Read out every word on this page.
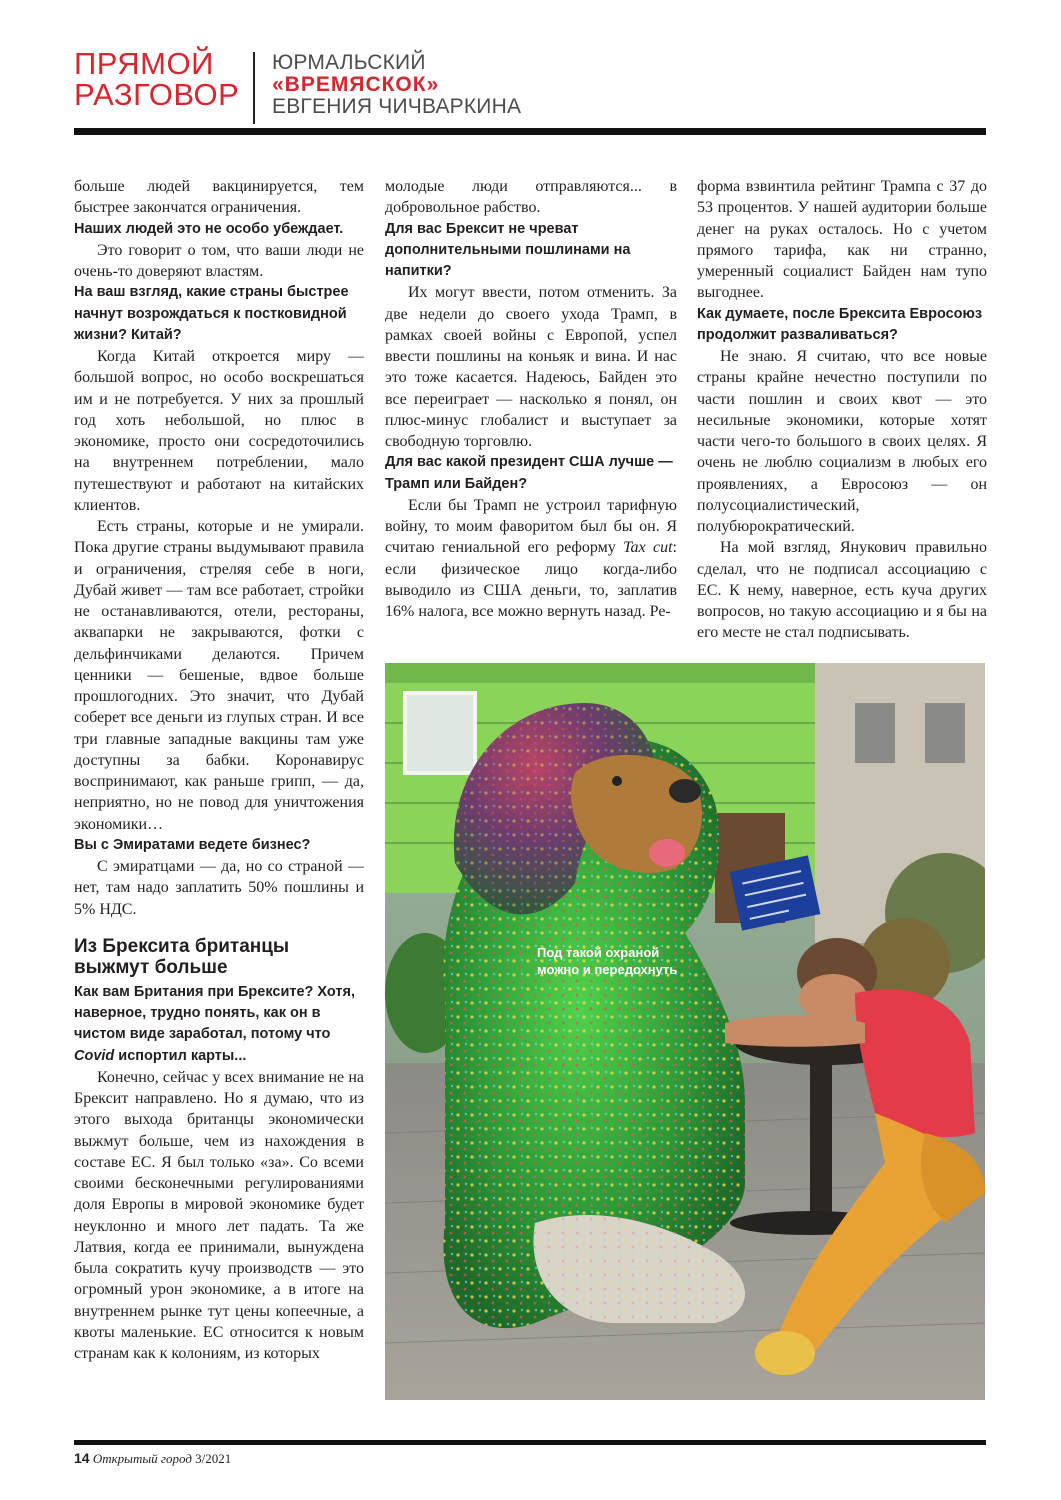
ПРЯМОЙ
РАЗГОВОР
ЮРМАЛЬСКИЙ
«ВРЕМЯСКОК»
ЕВГЕНИЯ ЧИЧВАРКИНА

больше людей вакцинируется, тем быстрее закончатся ограничения.

Наших людей это не особо убеждает.

Это говорит о том, что ваши люди не очень-то доверяют властям.

На ваш взгляд, какие страны быстрее начнут возрождаться к постковидной жизни? Китай?

Когда Китай откроется миру — большой вопрос, но особо воскрешаться им и не потребуется. У них за прошлый год хоть небольшой, но плюс в экономике, просто они сосредоточились на внутреннем потреблении, мало путешествуют и работают на китайских клиентов.

Есть страны, которые и не умирали. Пока другие страны выдумывают правила и ограничения, стреляя себе в ноги, Дубай живет — там все работает, стройки не останавливаются, отели, рестораны, аквапарки не закрываются, фотки с дельфинчиками делаются. Причем ценники — бешеные, вдвое больше прошлогодних. Это значит, что Дубай соберет все деньги из глупых стран. И все три главные западные вакцины там уже доступны за бабки. Коронавирус воспринимают, как раньше грипп, — да, неприятно, но не повод для уничтожения экономики…

Вы с Эмиратами ведете бизнес?

С эмиратцами — да, но со страной — нет, там надо заплатить 50% пошлины и 5% НДС.

Из Брексита британцы выжмут больше
Как вам Британия при Брексите? Хотя, наверное, трудно понять, как он в чистом виде заработал, потому что Covid испортил карты...

Конечно, сейчас у всех внимание не на Брексит направлено. Но я думаю, что из этого выхода британцы экономически выжмут больше, чем из нахождения в составе ЕС. Я был только «за». Со всеми своими бесконечными регулированиями доля Европы в мировой экономике будет неуклонно и много лет падать. Та же Латвия, когда ее принимали, вынуждена была сократить кучу производств — это огромный урон экономике, а в итоге на внутреннем рынке тут цены копеечные, а квоты маленькие. ЕС относится к новым странам как к колониям, из которых

молодые люди отправляются... в добровольное рабство.

Для вас Брексит не чреват дополнительными пошлинами на напитки?

Их могут ввести, потом отменить. За две недели до своего ухода Трамп, в рамках своей войны с Европой, успел ввести пошлины на коньяк и вина. И нас это тоже касается. Надеюсь, Байден это все переиграет — насколько я понял, он плюс-минус глобалист и выступает за свободную торговлю.

Для вас какой президент США лучше — Трамп или Байден?

Если бы Трамп не устроил тарифную войну, то моим фаворитом был бы он. Я считаю гениальной его реформу Tax cut: если физическое лицо когда-либо выводило из США деньги, то, заплатив 16% налога, все можно вернуть назад. Ре-

форма взвинтила рейтинг Трампа с 37 до 53 процентов. У нашей аудитории больше денег на руках осталось. Но с учетом прямого тарифа, как ни странно, умеренный социалист Байден нам тупо выгоднее.

Как думаете, после Брексита Евросоюз продолжит разваливаться?

Не знаю. Я считаю, что все новые страны крайне нечестно поступили по части пошлин и своих квот — это несильные экономики, которые хотят части чего-то большого в своих целях. Я очень не люблю социализм в любых его проявлениях, а Евросоюз — он полусоциалистический, полубюрократический.

На мой взгляд, Янукович правильно сделал, что не подписал ассоциацию с ЕС. К нему, наверное, есть куча других вопросов, но такую ассоциацию и я бы на его месте не стал подписывать.

Под такой охраной можно и передохнуть
14 Открытый город 3/2021
